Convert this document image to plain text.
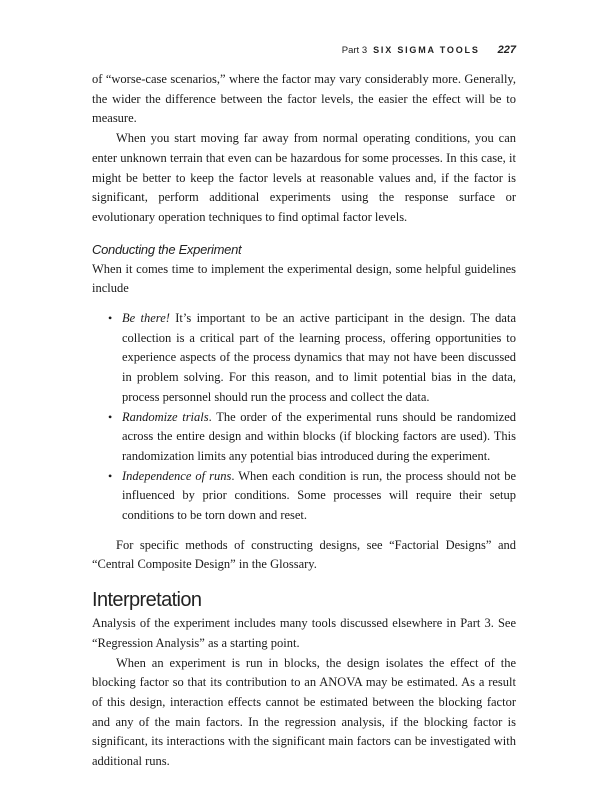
Part 3 SIX SIGMA TOOLS 227

of “worse-case scenarios,” where the factor may vary considerably more. Generally, the wider the difference between the factor levels, the easier the effect will be to measure.

When you start moving far away from normal operating conditions, you can enter unknown terrain that even can be hazardous for some processes. In this case, it might be better to keep the factor levels at reasonable values and, if the factor is significant, perform additional experiments using the response surface or evolutionary operation techniques to find optimal factor levels.

Conducting the Experiment

When it comes time to implement the experimental design, some helpful guidelines include

• Be there! It’s important to be an active participant in the design. The data collection is a critical part of the learning process, offering opportunities to experience aspects of the process dynamics that may not have been discussed in problem solving. For this reason, and to limit potential bias in the data, process personnel should run the process and collect the data.
• Randomize trials. The order of the experimental runs should be randomized across the entire design and within blocks (if blocking factors are used). This randomization limits any potential bias introduced during the experiment.
• Independence of runs. When each condition is run, the process should not be influenced by prior conditions. Some processes will require their setup conditions to be torn down and reset.

For specific methods of constructing designs, see “Factorial Designs” and “Central Composite Design” in the Glossary.

Interpretation

Analysis of the experiment includes many tools discussed elsewhere in Part 3. See “Regression Analysis” as a starting point.

When an experiment is run in blocks, the design isolates the effect of the blocking factor so that its contribution to an ANOVA may be estimated. As a result of this design, interaction effects cannot be estimated between the blocking factor and any of the main factors. In the regression analysis, if the blocking factor is significant, its interactions with the significant main factors can be investigated with additional runs.
